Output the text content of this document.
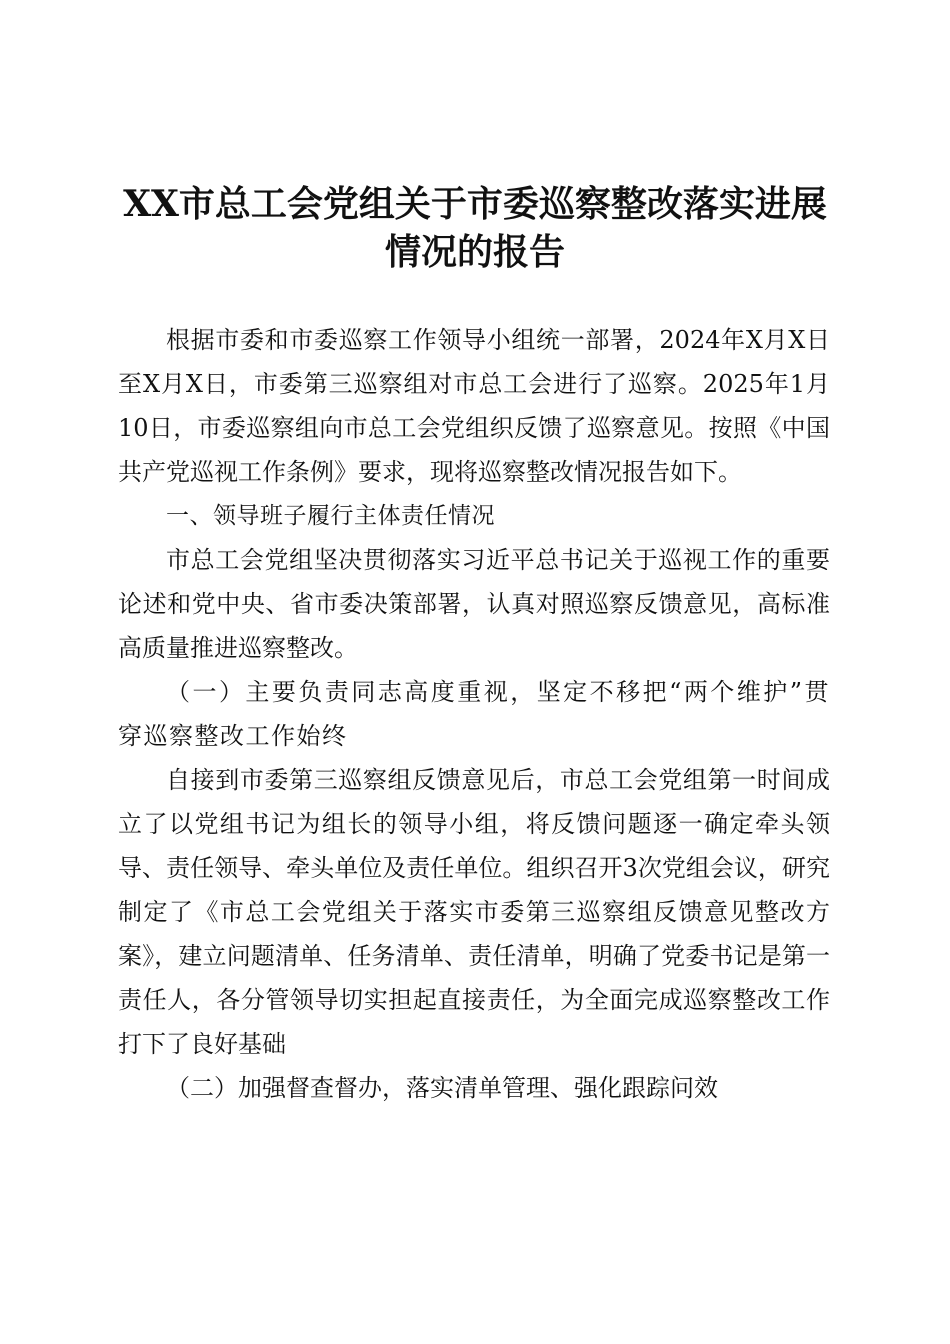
XX市总工会党组关于市委巡察整改落实进展
情况的报告

根据市委和市委巡察工作领导小组统一部署，2024年X月X日至X月X日，市委第三巡察组对市总工会进行了巡察。2025年1月10日，市委巡察组向市总工会党组织反馈了巡察意见。按照《中国共产党巡视工作条例》要求，现将巡察整改情况报告如下。

一、领导班子履行主体责任情况

市总工会党组坚决贯彻落实习近平总书记关于巡视工作的重要论述和党中央、省市委决策部署，认真对照巡察反馈意见，高标准高质量推进巡察整改。

（一）主要负责同志高度重视，坚定不移把“两个维护”贯穿巡察整改工作始终

自接到市委第三巡察组反馈意见后，市总工会党组第一时间成立了以党组书记为组长的领导小组，将反馈问题逐一确定牵头领导、责任领导、牵头单位及责任单位。组织召开3次党组会议，研究制定了《市总工会党组关于落实市委第三巡察组反馈意见整改方案》，建立问题清单、任务清单、责任清单，明确了党委书记是第一责任人，各分管领导切实担起直接责任，为全面完成巡察整改工作打下了良好基础

（二）加强督查督办，落实清单管理、强化跟踪问效
